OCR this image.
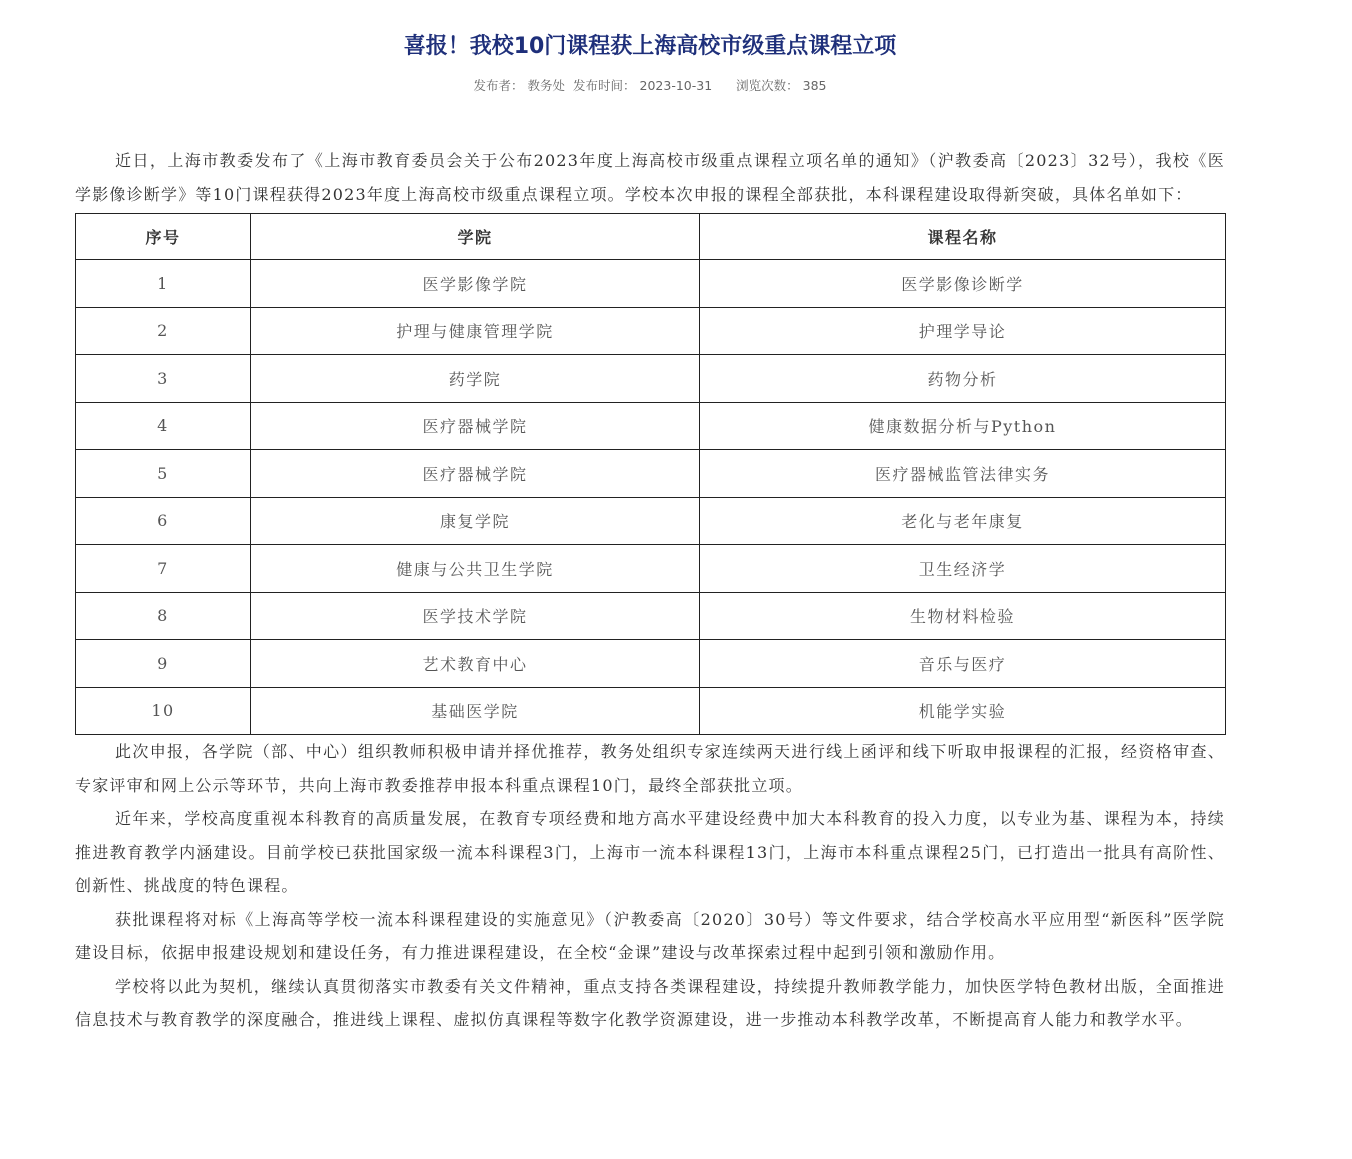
喜报！我校10门课程获上海高校市级重点课程立项
发布者： 教务处 发布时间： 2023-10-31 浏览次数： 385

近日，上海市教委发布了《上海市教育委员会关于公布2023年度上海高校市级重点课程立项名单的通知》（沪教委高〔2023〕32号），我校《医学影像诊断学》等10门课程获得2023年度上海高校市级重点课程立项。学校本次申报的课程全部获批，本科课程建设取得新突破，具体名单如下：

序号	学院	课程名称
1	医学影像学院	医学影像诊断学
2	护理与健康管理学院	护理学导论
3	药学院	药物分析
4	医疗器械学院	健康数据分析与Python
5	医疗器械学院	医疗器械监管法律实务
6	康复学院	老化与老年康复
7	健康与公共卫生学院	卫生经济学
8	医学技术学院	生物材料检验
9	艺术教育中心	音乐与医疗
10	基础医学院	机能学实验

此次申报，各学院（部、中心）组织教师积极申请并择优推荐，教务处组织专家连续两天进行线上函评和线下听取申报课程的汇报，经资格审查、专家评审和网上公示等环节，共向上海市教委推荐申报本科重点课程10门，最终全部获批立项。

近年来，学校高度重视本科教育的高质量发展，在教育专项经费和地方高水平建设经费中加大本科教育的投入力度，以专业为基、课程为本，持续推进教育教学内涵建设。目前学校已获批国家级一流本科课程3门，上海市一流本科课程13门，上海市本科重点课程25门，已打造出一批具有高阶性、创新性、挑战度的特色课程。

获批课程将对标《上海高等学校一流本科课程建设的实施意见》（沪教委高〔2020〕30号）等文件要求，结合学校高水平应用型“新医科”医学院建设目标，依据申报建设规划和建设任务，有力推进课程建设，在全校“金课”建设与改革探索过程中起到引领和激励作用。

学校将以此为契机，继续认真贯彻落实市教委有关文件精神，重点支持各类课程建设，持续提升教师教学能力，加快医学特色教材出版，全面推进信息技术与教育教学的深度融合，推进线上课程、虚拟仿真课程等数字化教学资源建设，进一步推动本科教学改革，不断提高育人能力和教学水平。
